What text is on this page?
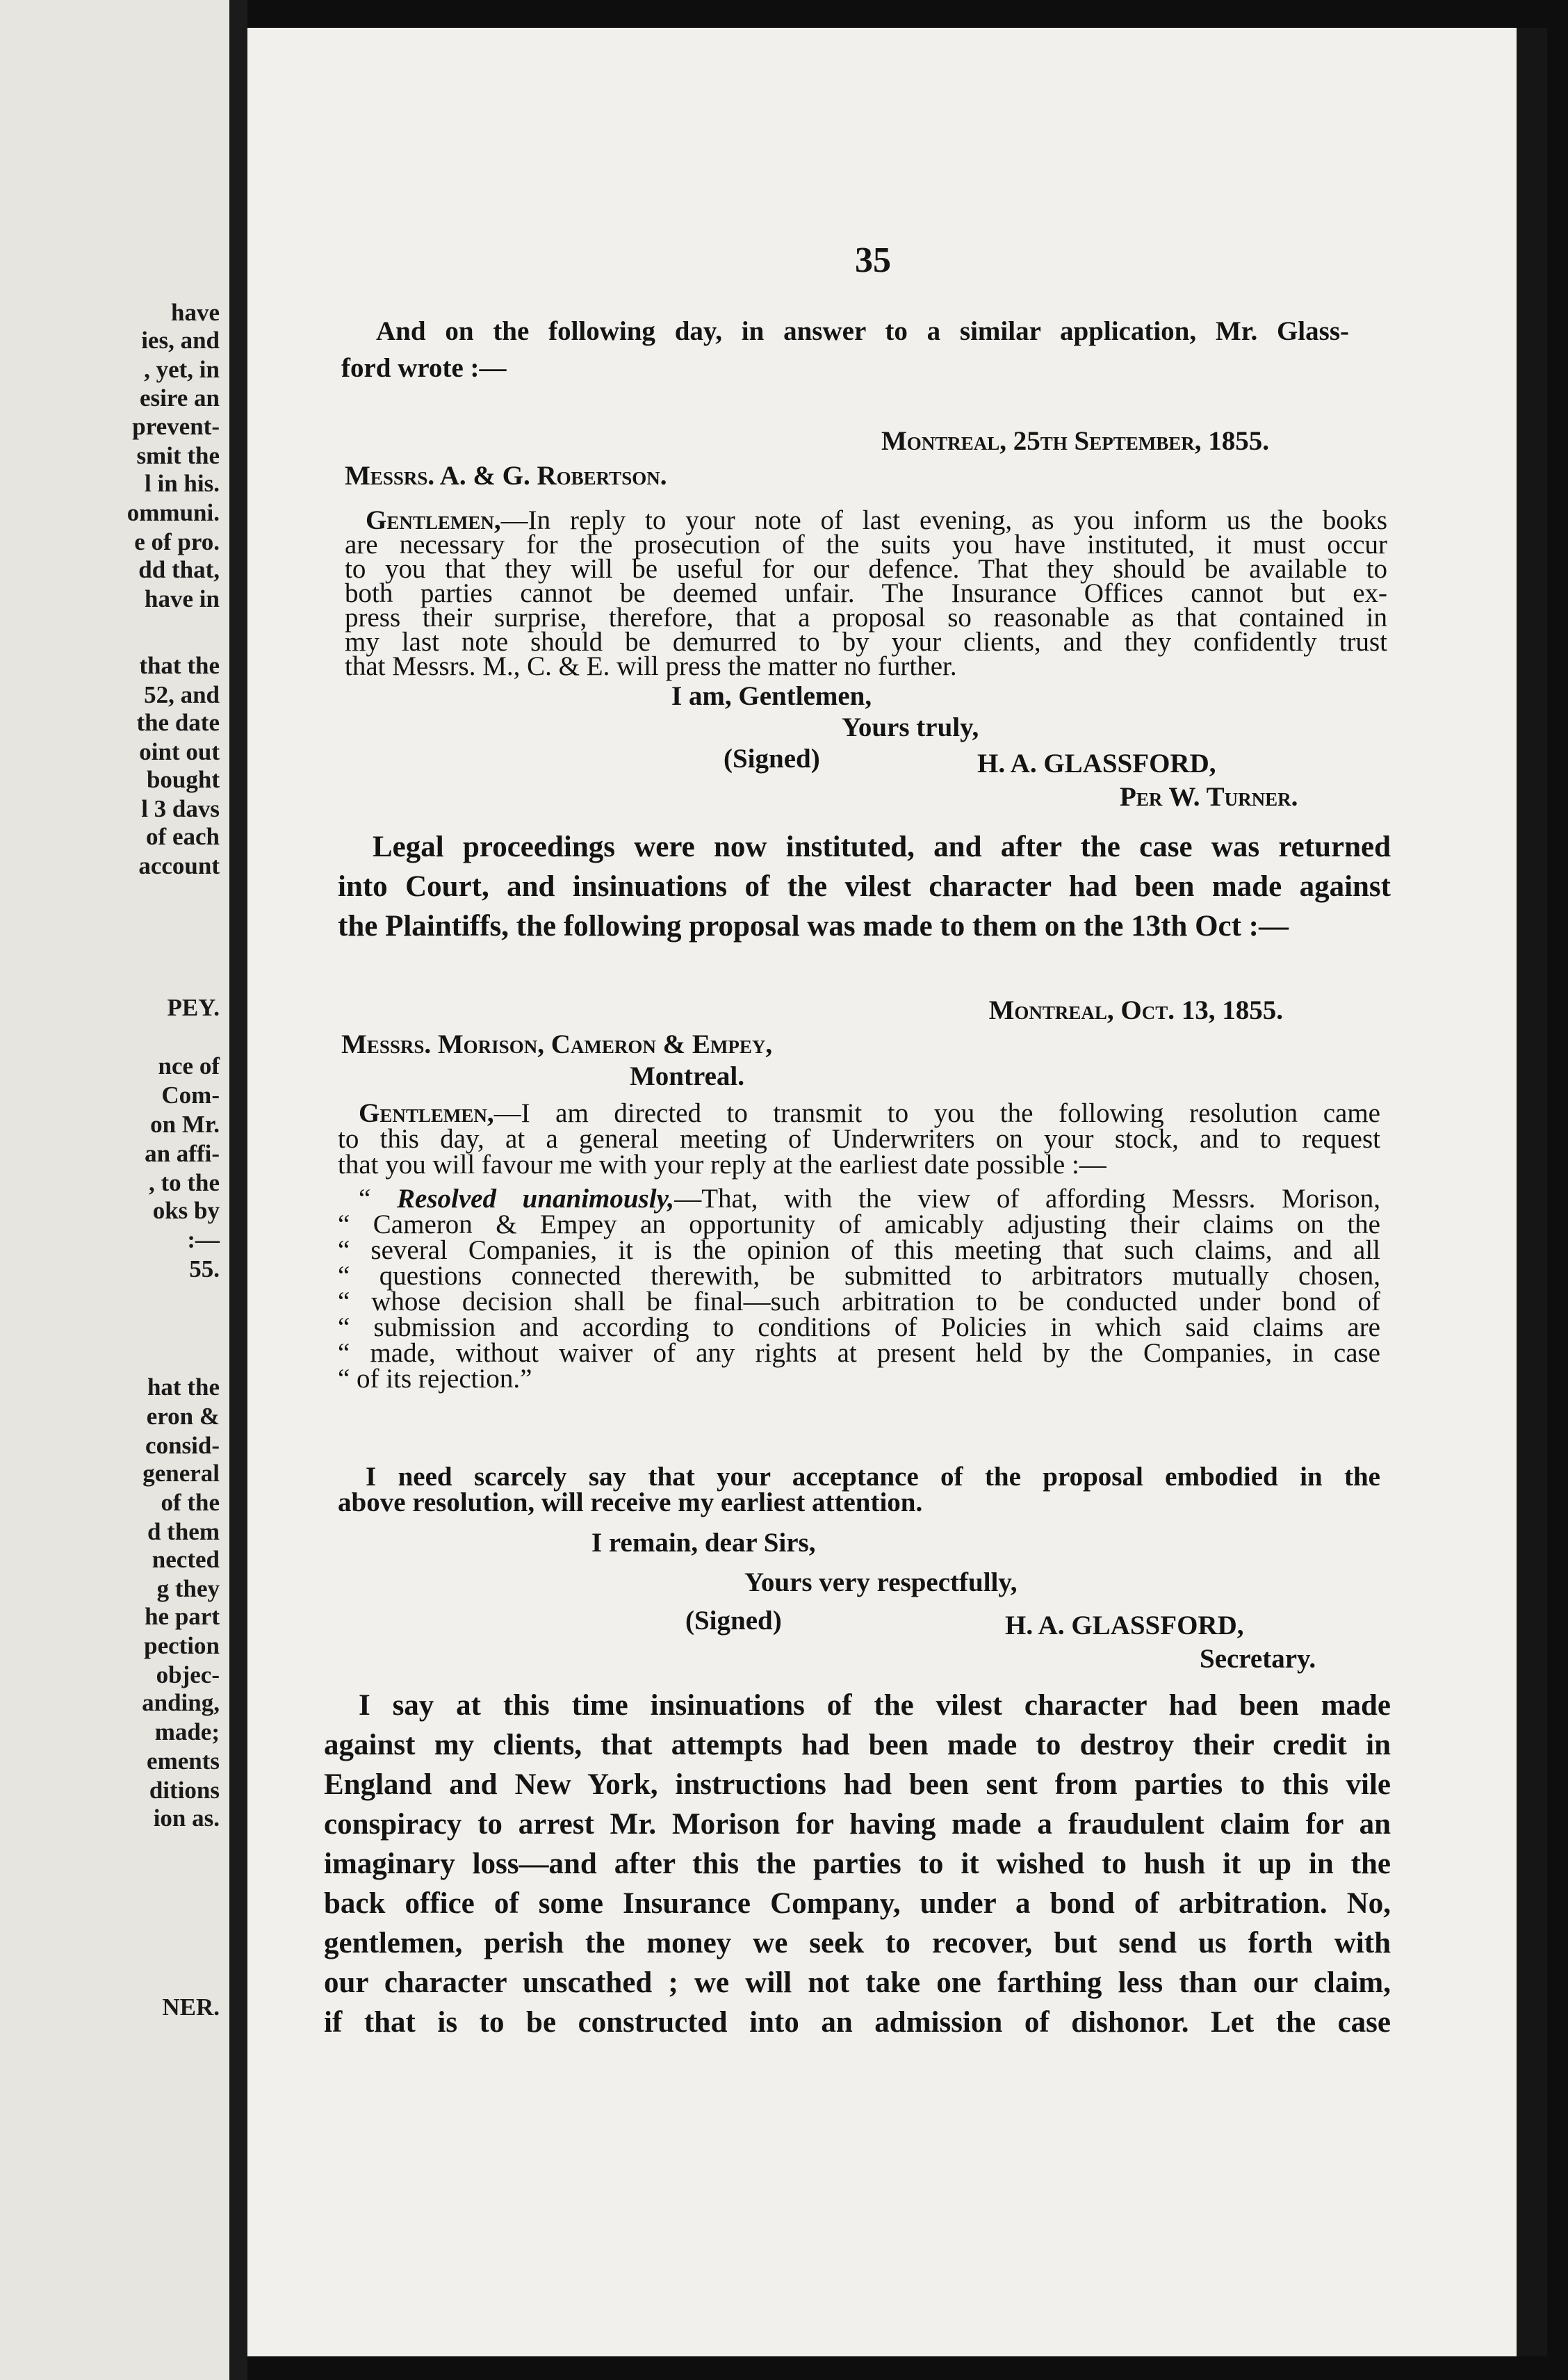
have

ies, and

, yet, in

esire an

prevent-

smit the

l in his.

ommuni.

e of pro.

dd that,

have in

that the

52, and

the date

oint out

bought

l 3 davs

of each

account

PEY.

nce of

Com-

on Mr.

an affi-

, to the

oks by

:—

55.

hat the

eron &

consid-

general

of the

d them

nected

g they

he part

pection

objec-

anding,

made;

ements

ditions

ion as.

NER.

35

And on the following day, in answer to a similar application, Mr. Glass-

ford wrote :—

Montreal, 25th September, 1855.

Messrs. A. & G. Robertson.

Gentlemen,—In reply to your note of last evening, as you inform us the books

are necessary for the prosecution of the suits you have instituted, it must occur

to you that they will be useful for our defence. That they should be available to

both parties cannot be deemed unfair. The Insurance Offices cannot but ex-

press their surprise, therefore, that a proposal so reasonable as that contained in

my last note should be demurred to by your clients, and they confidently trust

that Messrs. M., C. & E. will press the matter no further.

I am, Gentlemen,

Yours truly,

(Signed)	H. A. GLASSFORD,

Per W. Turner.

Legal proceedings were now instituted, and after the case was returned

into Court, and insinuations of the vilest character had been made against

the Plaintiffs, the following proposal was made to them on the 13th Oct :—

Montreal, Oct. 13, 1855.

Messrs. Morison, Cameron & Empey,

Montreal.

Gentlemen,—I am directed to transmit to you the following resolution came

to this day, at a general meeting of Underwriters on your stock, and to request

that you will favour me with your reply at the earliest date possible :—

“ Resolved unanimously,—That, with the view of affording Messrs. Morison,

“ Cameron & Empey an opportunity of amicably adjusting their claims on the

“ several Companies, it is the opinion of this meeting that such claims, and all

“ questions connected therewith, be submitted to arbitrators mutually chosen,

“ whose decision shall be final—such arbitration to be conducted under bond of

“ submission and according to conditions of Policies in which said claims are

“ made, without waiver of any rights at present held by the Companies, in case

“ of its rejection.”

I need scarcely say that your acceptance of the proposal embodied in the

above resolution, will receive my earliest attention.

I remain, dear Sirs,

Yours very respectfully,

(Signed)	H. A. GLASSFORD,

Secretary.

I say at this time insinuations of the vilest character had been made

against my clients, that attempts had been made to destroy their credit in

England and New York, instructions had been sent from parties to this vile

conspiracy to arrest Mr. Morison for having made a fraudulent claim for an

imaginary loss—and after this the parties to it wished to hush it up in the

back office of some Insurance Company, under a bond of arbitration. No,

gentlemen, perish the money we seek to recover, but send us forth with

our character unscathed ; we will not take one farthing less than our claim,

if that is to be constructed into an admission of dishonor. Let the case
